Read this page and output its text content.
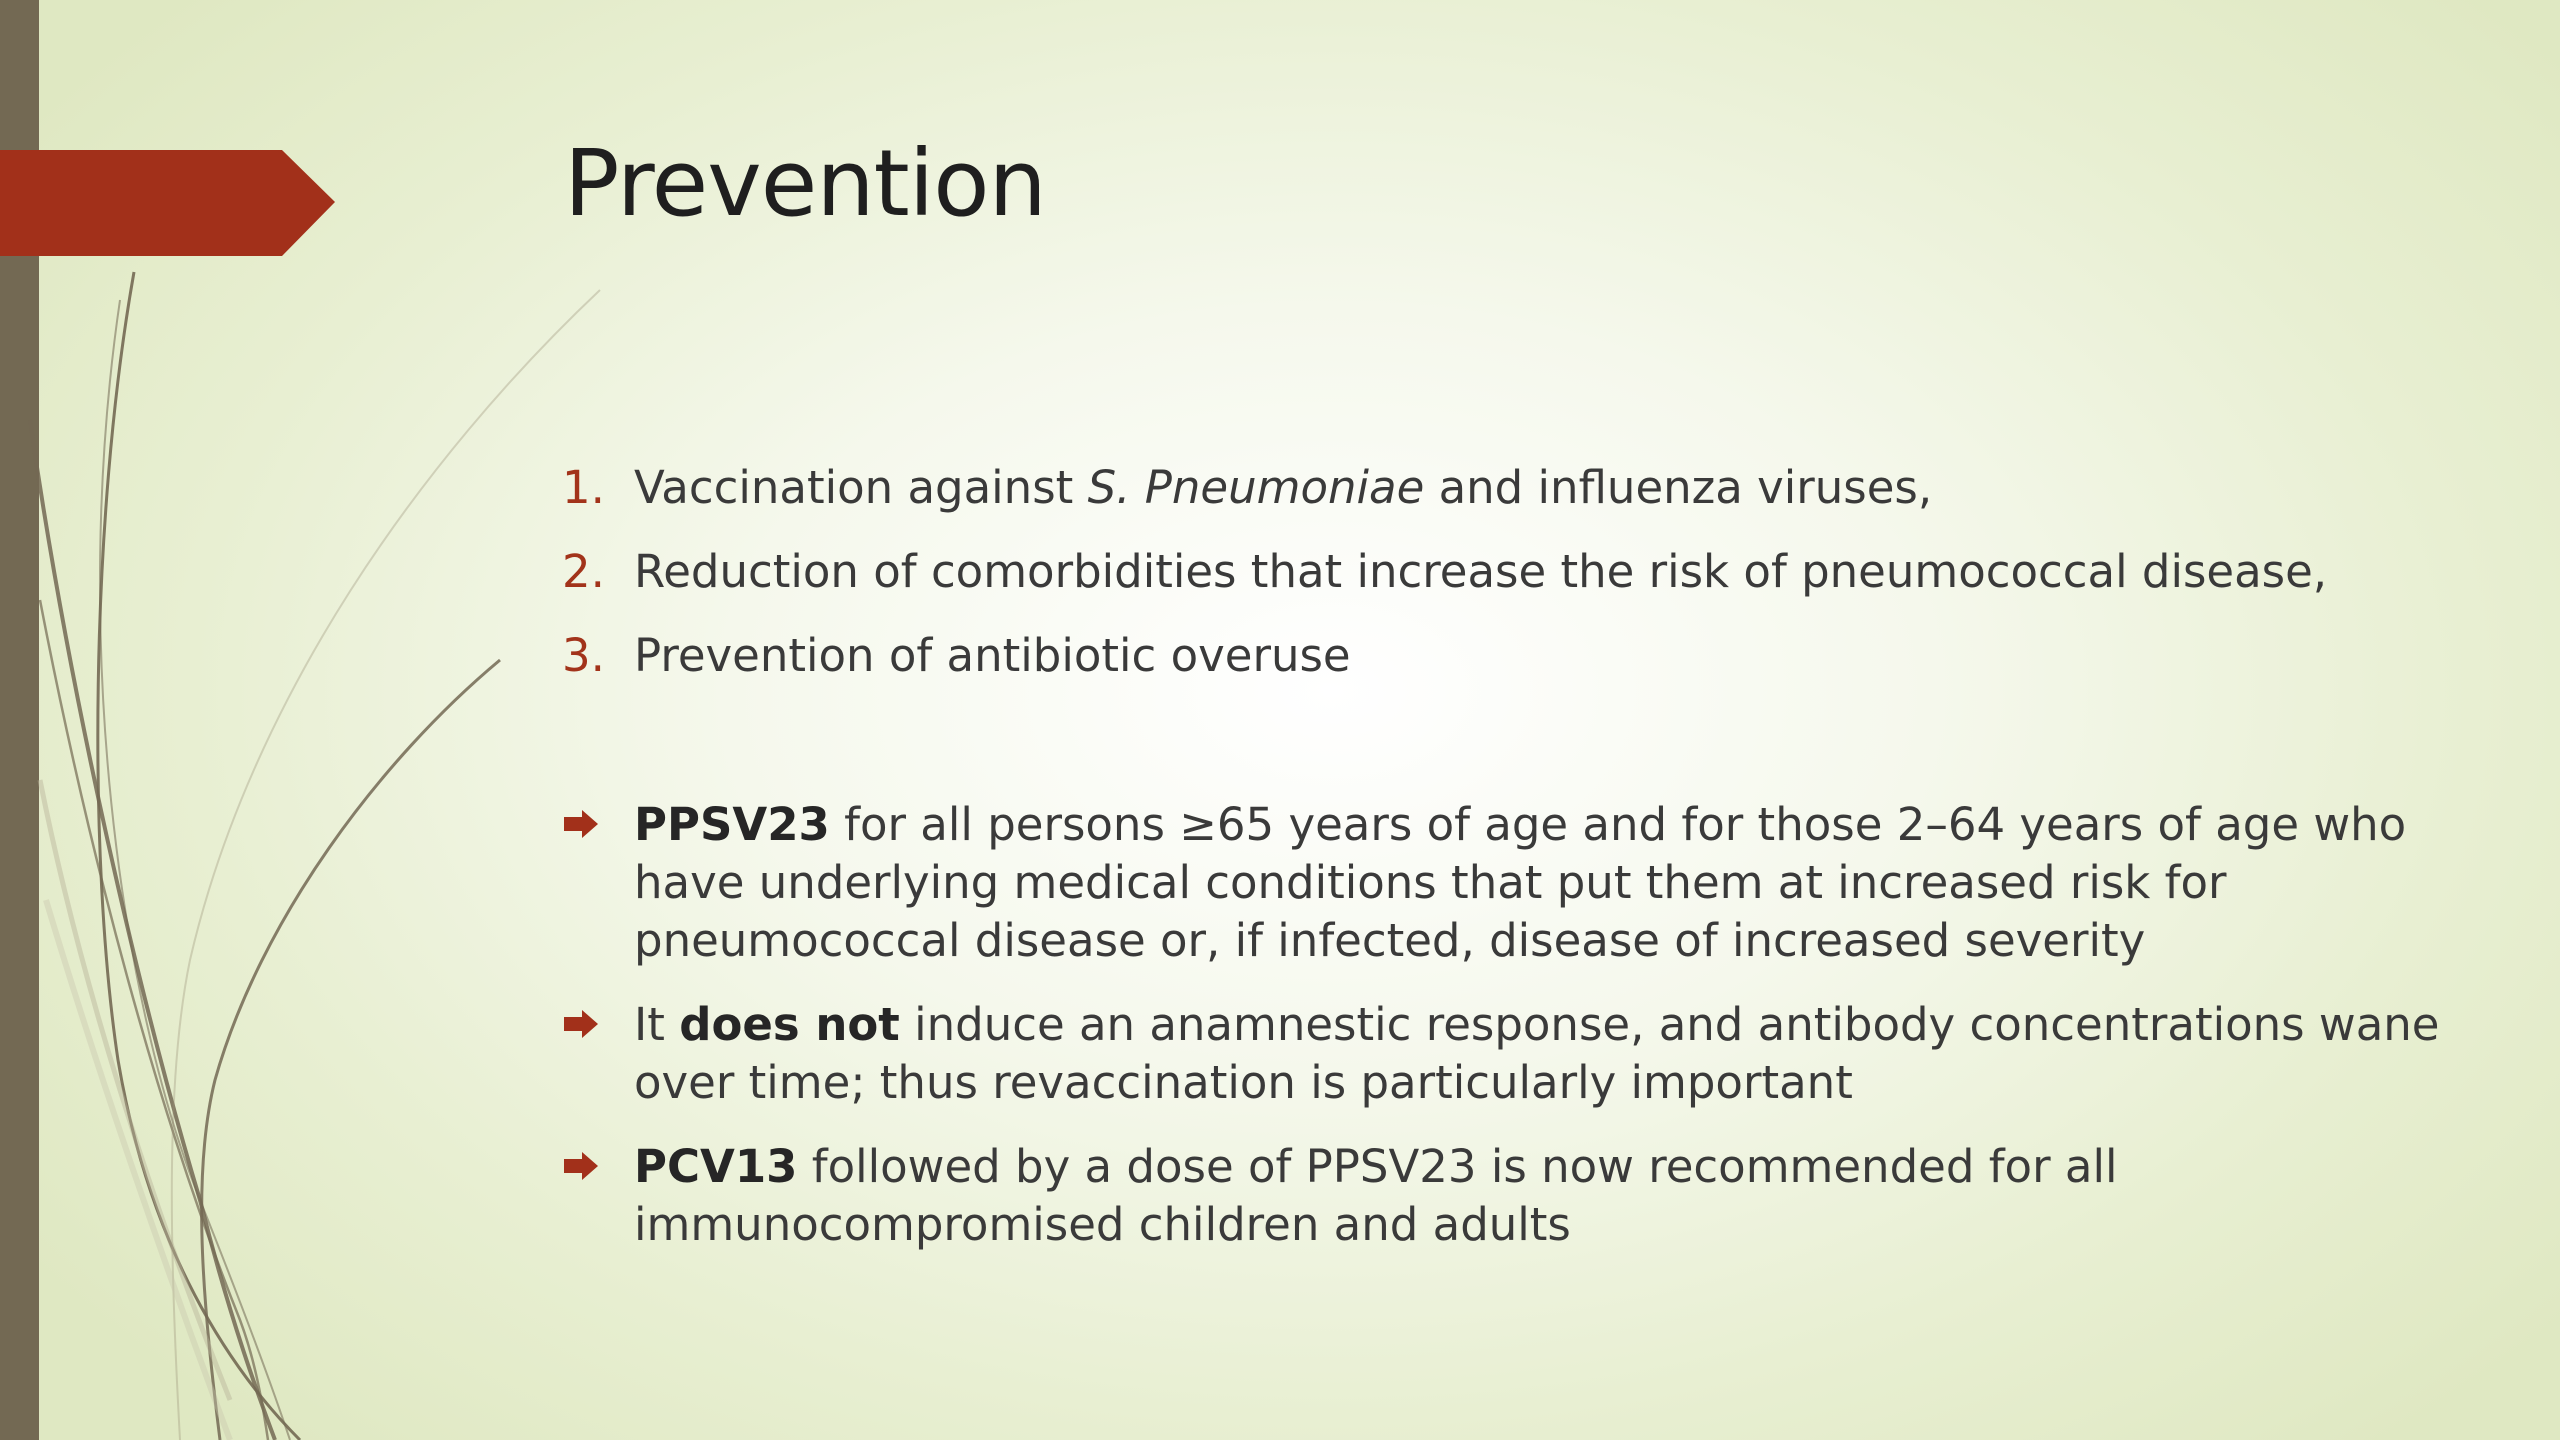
Prevention
1. Vaccination against S. Pneumoniae and influenza viruses,
2. Reduction of comorbidities that increase the risk of pneumococcal disease,
3. Prevention of antibiotic overuse
PPSV23 for all persons ≥65 years of age and for those 2–64 years of age who have underlying medical conditions that put them at increased risk for pneumococcal disease or, if infected, disease of increased severity
It does not induce an anamnestic response, and antibody concentrations wane over time; thus revaccination is particularly important
PCV13 followed by a dose of PPSV23 is now recommended for all immunocompromised children and adults
